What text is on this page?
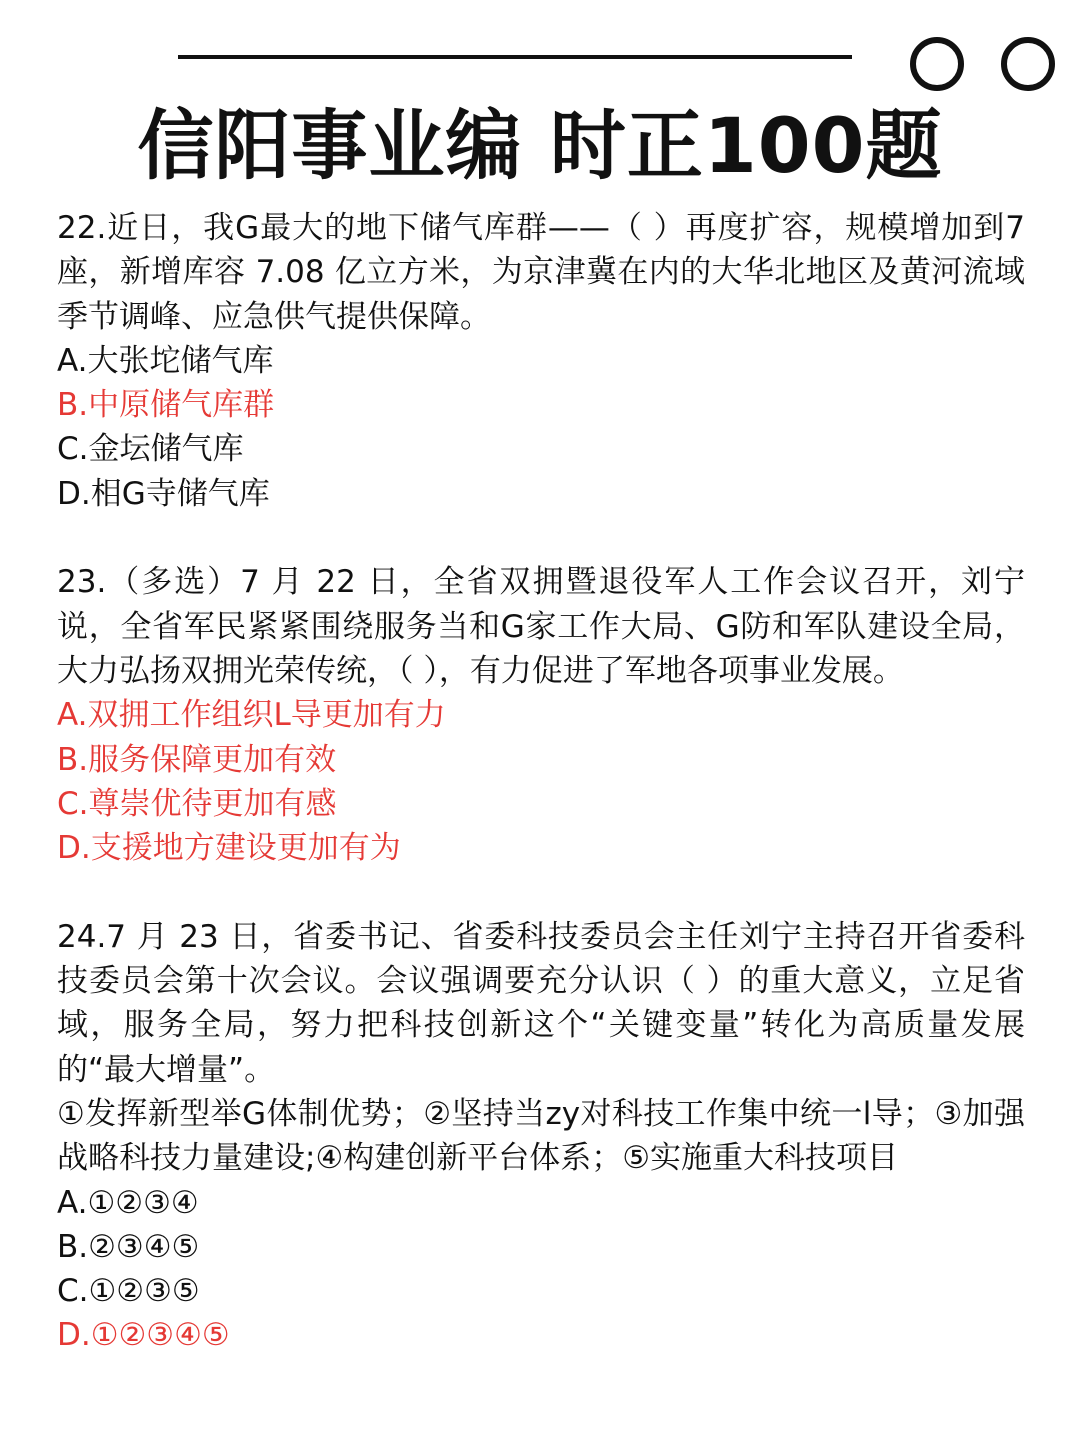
信阳事业编 时正100题

22.近日，我G最大的地下储气库群——（ ）再度扩容，规模增加到7 座，新增库容 7.08 亿立方米，为京津冀在内的大华北地区及黄河流域季节调峰、应急供气提供保障。

A.大张坨储气库

B.中原储气库群

C.金坛储气库

D.相G寺储气库

23.（多选）7 月 22 日，全省双拥暨退役军人工作会议召开，刘宁说，全省军民紧紧围绕服务当和G家工作大局、G防和军队建设全局，大力弘扬双拥光荣传统，（ ），有力促进了军地各项事业发展。

A.双拥工作组织L导更加有力

B.服务保障更加有效

C.尊崇优待更加有感

D.支援地方建设更加有为

24.7 月 23 日，省委书记、省委科技委员会主任刘宁主持召开省委科技委员会第十次会议。会议强调要充分认识（ ）的重大意义，立足省域，服务全局，努力把科技创新这个“关键变量”转化为高质量发展的“最大增量”。

①发挥新型举G体制优势；②坚持当zy对科技工作集中统一l导；③加强战略科技力量建设;④构建创新平台体系；⑤实施重大科技项目

A.①②③④

B.②③④⑤

C.①②③⑤

D.①②③④⑤
